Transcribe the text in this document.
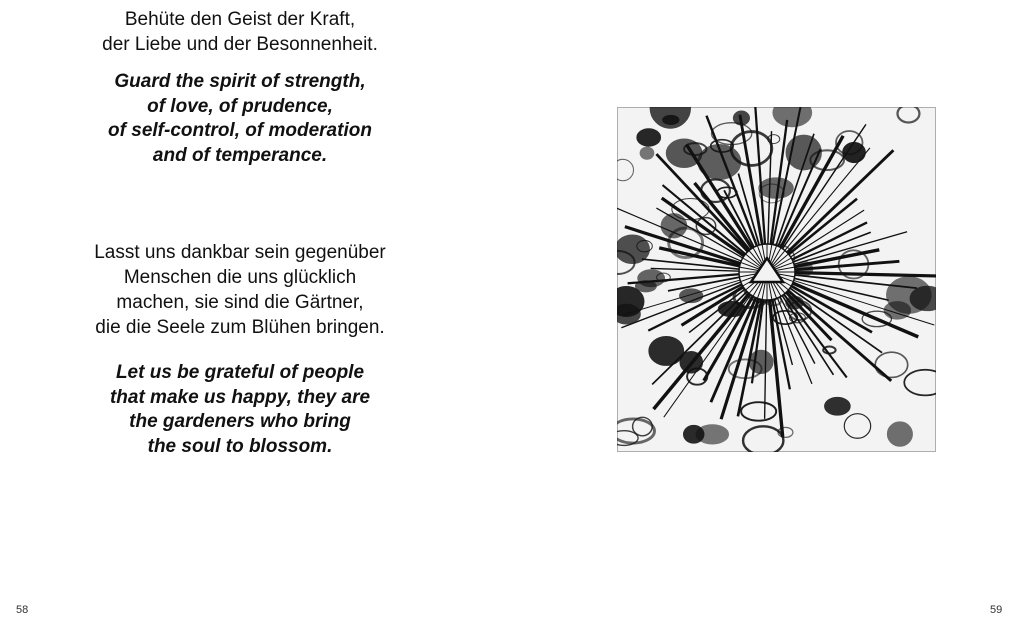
Behüte den Geist der Kraft,
der Liebe und der Besonnenheit.
Guard the spirit of strength,
of love, of prudence,
of self-control, of moderation
and of temperance.
Lasst uns dankbar sein gegenüber
Menschen die uns glücklich
machen, sie sind die Gärtner,
die die Seele zum Blühen bringen.
Let us be grateful of people
that make us happy, they are
the gardeners who bring
the soul to blossom.
58	59
